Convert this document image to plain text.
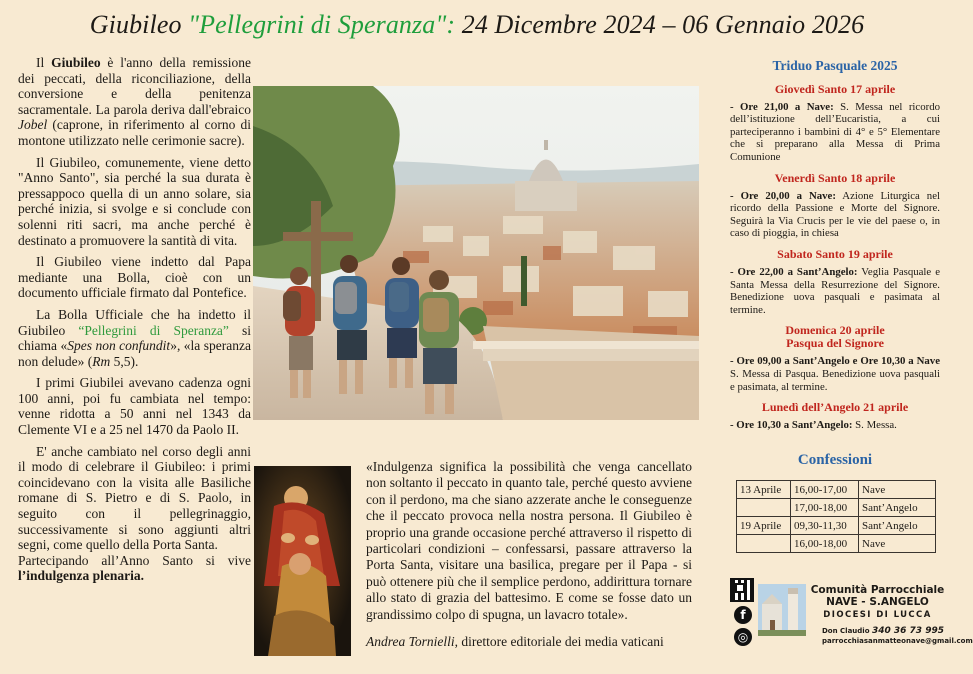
Giubileo "Pellegrini di Speranza": 24 Dicembre 2024 – 06 Gennaio 2026

Il Giubileo è l'anno della remissione dei peccati, della riconciliazione, della conversione e della penitenza sacramentale. La parola deriva dall'ebraico Jobel (caprone, in riferimento al corno di montone utilizzato nelle cerimonie sacre).

Il Giubileo, comunemente, viene detto "Anno Santo", sia perché la sua durata è pressappoco quella di un anno solare, sia perché inizia, si svolge e si conclude con solenni riti sacri, ma anche perché è destinato a promuovere la santità di vita.

Il Giubileo viene indetto dal Papa mediante una Bolla, cioè con un documento ufficiale firmato dal Pontefice.

La Bolla Ufficiale che ha indetto il Giubileo “Pellegrini di Speranza” si chiama «Spes non confundit», «la speranza non delude» (Rm 5,5).

I primi Giubilei avevano cadenza ogni 100 anni, poi fu cambiata nel tempo: venne ridotta a 50 anni nel 1343 da Clemente VI e a 25 nel 1470 da Paolo II.

E' anche cambiato nel corso degli anni il modo di celebrare il Giubileo: i primi coincidevano con la visita alle Basiliche romane di S. Pietro e di S. Paolo, in seguito con il pellegrinaggio, successivamente si sono aggiunti altri segni, come quello della Porta Santa.

Partecipando all’Anno Santo si vive l’indulgenza plenaria.

«Indulgenza significa la possibilità che venga cancellato non soltanto il peccato in quanto tale, perché questo avviene con il perdono, ma che siano azzerate anche le conseguenze che il peccato provoca nella nostra persona. Il Giubileo è proprio una grande occasione perché attraverso il rispetto di particolari condizioni – confessarsi, passare attraverso la Porta Santa, visitare una basilica, pregare per il Papa - si può ottenere più che il semplice perdono, addirittura tornare allo stato di grazia del battesimo. E come se fosse dato un grandissimo colpo di spugna, un lavacro totale».
Andrea Tornielli, direttore editoriale dei media vaticani
Triduo Pasquale 2025
Giovedì Santo 17 aprile
- Ore 21,00 a Nave: S. Messa nel ricordo dell’istituzione dell’Eucaristia, a cui parteciperanno i bambini di 4° e 5° Elementare che si preparano alla Messa di Prima Comunione
Venerdì Santo 18 aprile
- Ore 20,00 a Nave: Azione Liturgica nel ricordo della Passione e Morte del Signore. Seguirà la Via Crucis per le vie del paese o, in caso di pioggia, in chiesa
Sabato Santo 19 aprile
- Ore 22,00 a Sant’Angelo: Veglia Pasquale e Santa Messa della Resurrezione del Signore. Benedizione uova pasquali e pasimata al termine.
Domenica 20 aprile
Pasqua del Signore
- Ore 09,00 a Sant’Angelo e Ore 10,30 a Nave S. Messa di Pasqua. Benedizione uova pasquali e pasimata, al termine.
Lunedì dell’Angelo 21 aprile
- Ore 10,30 a Sant’Angelo: S. Messa.
Confessioni
13 Aprile	16,00-17,00	Nave
	17,00-18,00	Sant’Angelo
19 Aprile	09,30-11,30	Sant’Angelo
	16,00-18,00	Nave
f
◎
Comunità Parrocchiale
NAVE - S.ANGELO
DIOCESI DI LUCCA
Don Claudio 340 36 73 995
parrocchiasanmatteonave@gmail.com
